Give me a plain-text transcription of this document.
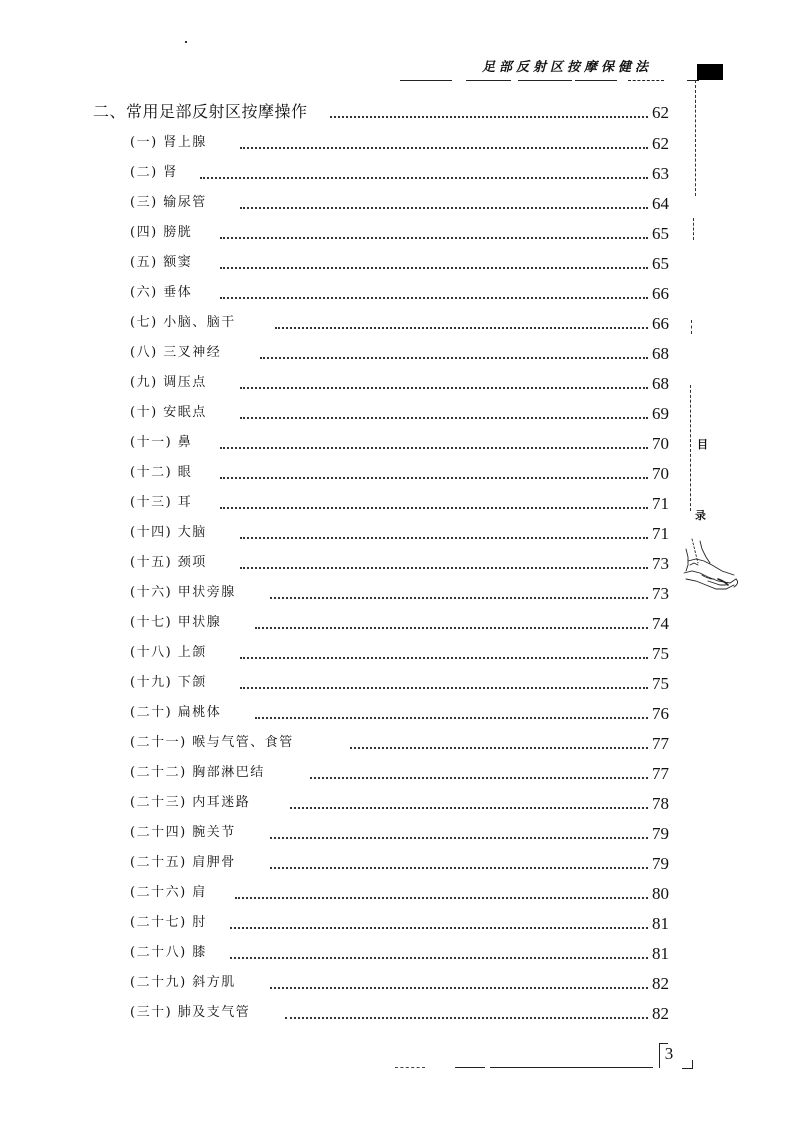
足部反射区按摩保健法
目
录
二、常用足部反射区按摩操作	62
(一) 肾上腺	62
(二) 肾	63
(三) 输尿管	64
(四) 膀胱	65
(五) 额窦	65
(六) 垂体	66
(七) 小脑、脑干	66
(八) 三叉神经	68
(九) 调压点	68
(十) 安眠点	69
(十一) 鼻	70
(十二) 眼	70
(十三) 耳	71
(十四) 大脑	71
(十五) 颈项	73
(十六) 甲状旁腺	73
(十七) 甲状腺	74
(十八) 上颌	75
(十九) 下颌	75
(二十) 扁桃体	76
(二十一) 喉与气管、食管	77
(二十二) 胸部淋巴结	77
(二十三) 内耳迷路	78
(二十四) 腕关节	79
(二十五) 肩胛骨	79
(二十六) 肩	80
(二十七) 肘	81
(二十八) 膝	81
(二十九) 斜方肌	82
(三十) 肺及支气管	82
3
